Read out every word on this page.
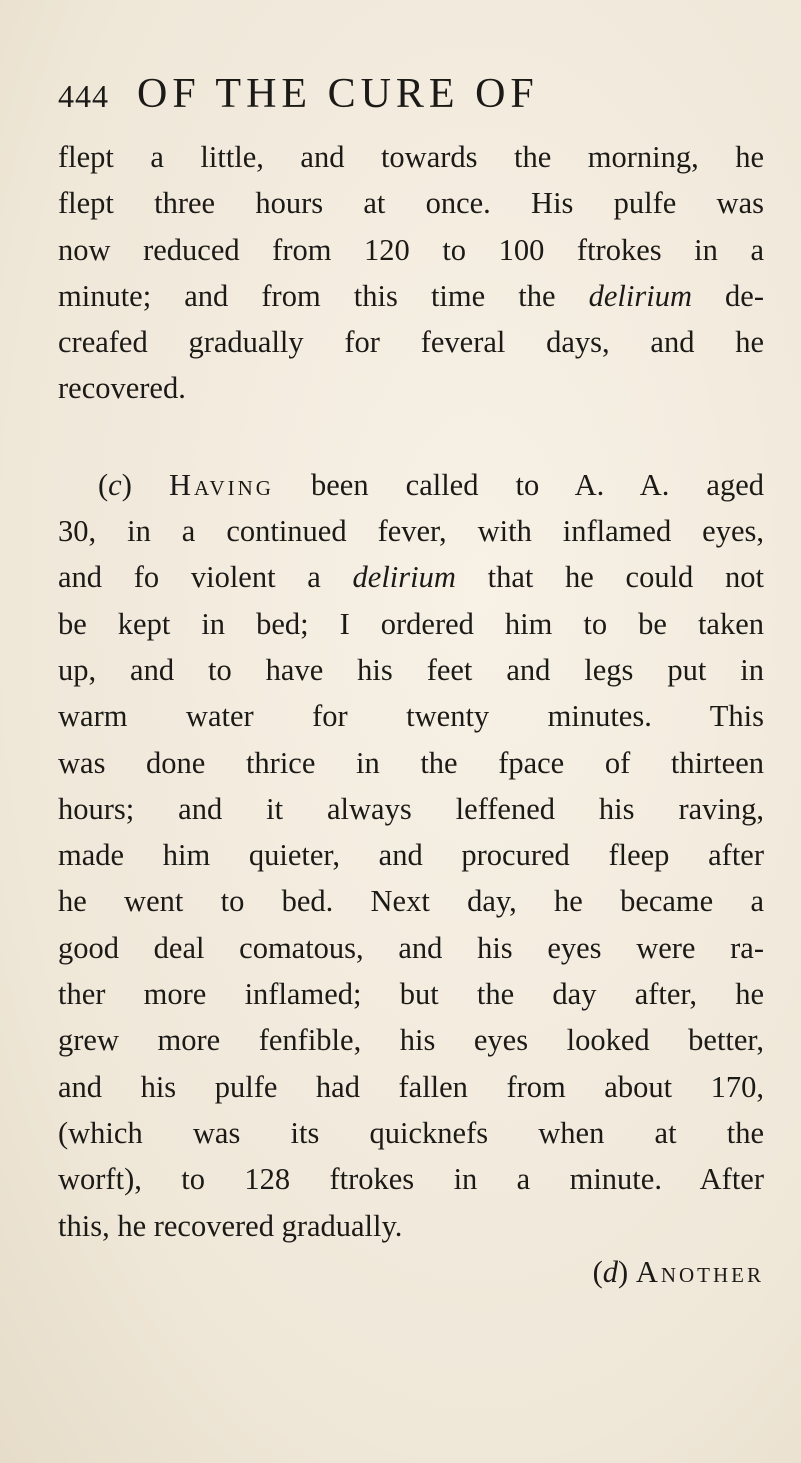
444 OF THE CURE OF
flept a little, and towards the morning, he
flept three hours at once. His pulfe was
now reduced from 120 to 100 ftrokes in a
minute; and from this time the delirium de-
creafed gradually for feveral days, and he
recovered.
(c) Having been called to A. A. aged
30, in a continued fever, with inflamed eyes,
and fo violent a delirium that he could not
be kept in bed; I ordered him to be taken
up, and to have his feet and legs put in
warm water for twenty minutes. This
was done thrice in the fpace of thirteen
hours; and it always leffened his raving,
made him quieter, and procured fleep after
he went to bed. Next day, he became a
good deal comatous, and his eyes were ra-
ther more inflamed; but the day after, he
grew more fenfible, his eyes looked better,
and his pulfe had fallen from about 170,
(which was its quicknefs when at the
worft), to 128 ftrokes in a minute. After
this, he recovered gradually.
(d) Another
